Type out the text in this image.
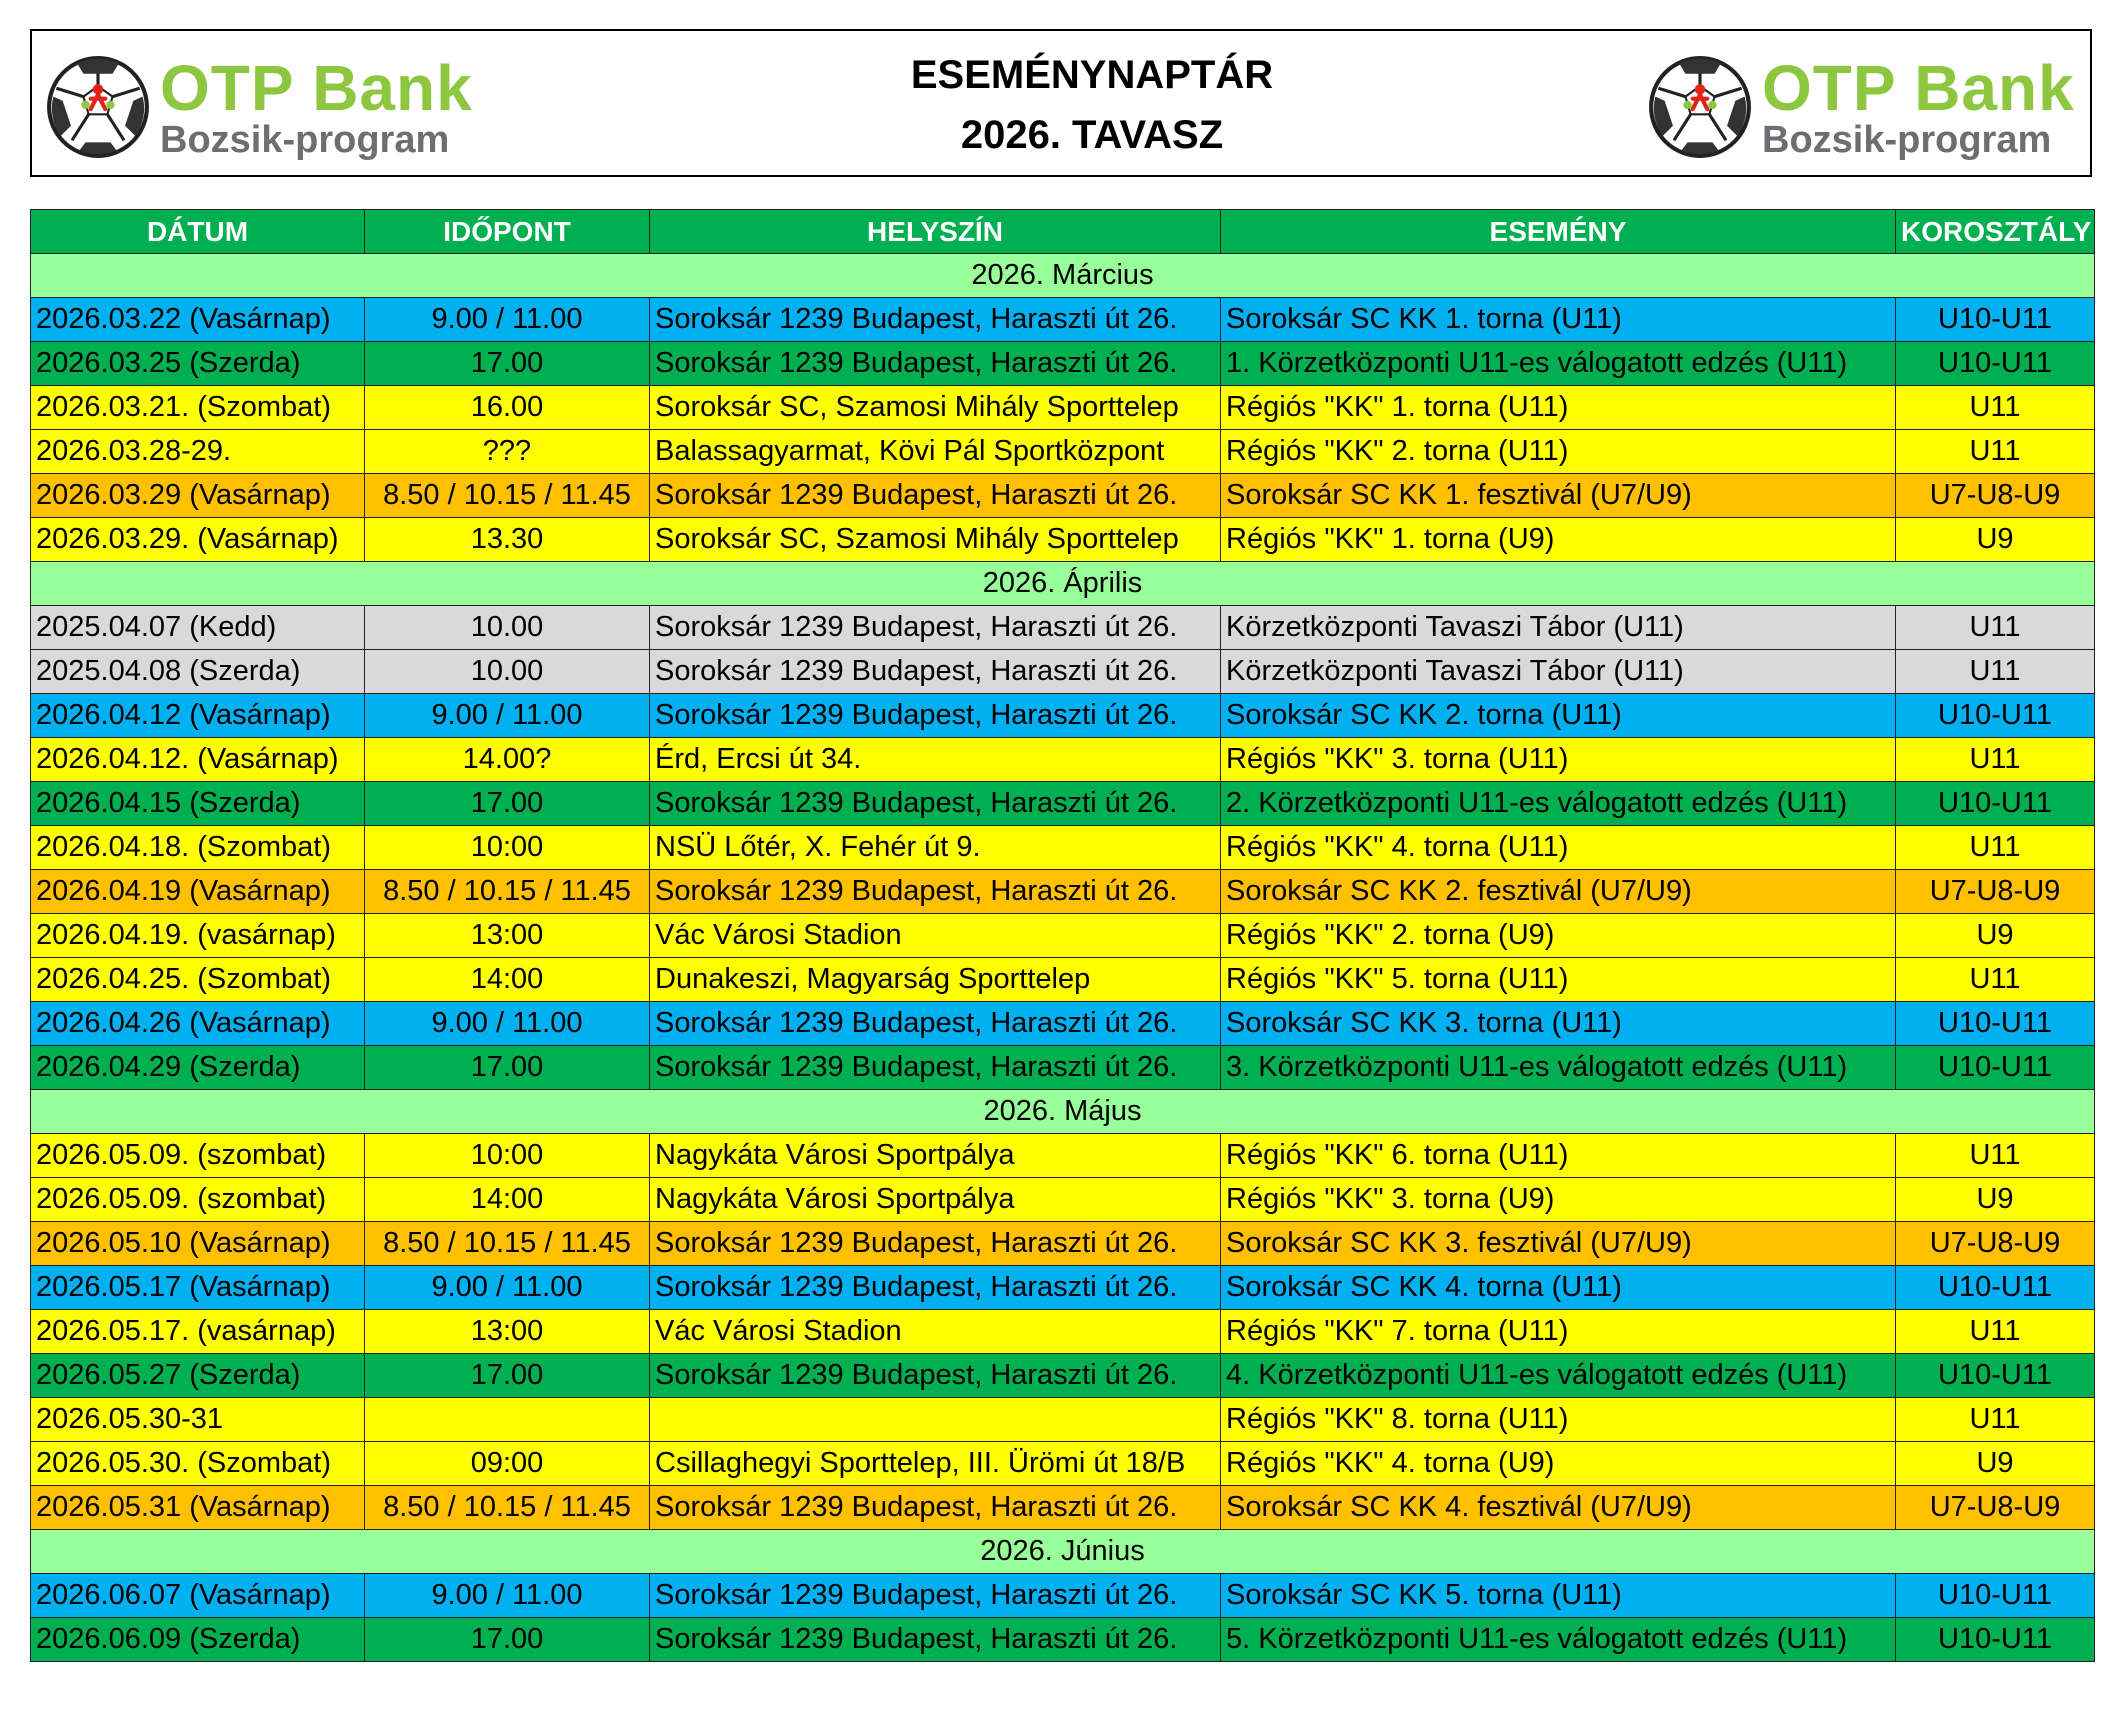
OTP Bank
Bozsik-program
ESEMÉNYNAPTÁR
2026. TAVASZ
OTP Bank
Bozsik-program
DÁTUM	IDŐPONT	HELYSZÍN	ESEMÉNY	KOROSZTÁLY
2026. Március				
2026.03.22 (Vasárnap)	9.00 / 11.00	Soroksár 1239 Budapest, Haraszti út 26.	Soroksár SC KK 1. torna (U11)	U10-U11
2026.03.25 (Szerda)	17.00	Soroksár 1239 Budapest, Haraszti út 26.	1. Körzetközponti U11-es válogatott edzés (U11)	U10-U11
2026.03.21. (Szombat)	16.00	Soroksár SC, Szamosi Mihály Sporttelep	Régiós "KK" 1. torna (U11)	U11
2026.03.28-29.	???	Balassagyarmat, Kövi Pál Sportközpont	Régiós "KK" 2. torna (U11)	U11
2026.03.29 (Vasárnap)	8.50 / 10.15 / 11.45	Soroksár 1239 Budapest, Haraszti út 26.	Soroksár SC KK 1. fesztivál (U7/U9)	U7-U8-U9
2026.03.29. (Vasárnap)	13.30	Soroksár SC, Szamosi Mihály Sporttelep	Régiós "KK" 1. torna (U9)	U9
2026. Április				
2025.04.07 (Kedd)	10.00	Soroksár 1239 Budapest, Haraszti út 26.	Körzetközponti Tavaszi Tábor (U11)	U11
2025.04.08 (Szerda)	10.00	Soroksár 1239 Budapest, Haraszti út 26.	Körzetközponti Tavaszi Tábor (U11)	U11
2026.04.12 (Vasárnap)	9.00 / 11.00	Soroksár 1239 Budapest, Haraszti út 26.	Soroksár SC KK 2. torna (U11)	U10-U11
2026.04.12. (Vasárnap)	14.00?	Érd, Ercsi út 34.	Régiós "KK" 3. torna (U11)	U11
2026.04.15 (Szerda)	17.00	Soroksár 1239 Budapest, Haraszti út 26.	2. Körzetközponti U11-es válogatott edzés (U11)	U10-U11
2026.04.18. (Szombat)	10:00	NSÜ Lőtér, X. Fehér út 9.	Régiós "KK" 4. torna (U11)	U11
2026.04.19 (Vasárnap)	8.50 / 10.15 / 11.45	Soroksár 1239 Budapest, Haraszti út 26.	Soroksár SC KK 2. fesztivál (U7/U9)	U7-U8-U9
2026.04.19. (vasárnap)	13:00	Vác Városi Stadion	Régiós "KK" 2. torna (U9)	U9
2026.04.25. (Szombat)	14:00	Dunakeszi, Magyarság Sporttelep	Régiós "KK" 5. torna (U11)	U11
2026.04.26 (Vasárnap)	9.00 / 11.00	Soroksár 1239 Budapest, Haraszti út 26.	Soroksár SC KK 3. torna (U11)	U10-U11
2026.04.29 (Szerda)	17.00	Soroksár 1239 Budapest, Haraszti út 26.	3. Körzetközponti U11-es válogatott edzés (U11)	U10-U11
2026. Május				
2026.05.09. (szombat)	10:00	Nagykáta Városi Sportpálya	Régiós "KK" 6. torna (U11)	U11
2026.05.09. (szombat)	14:00	Nagykáta Városi Sportpálya	Régiós "KK" 3. torna (U9)	U9
2026.05.10 (Vasárnap)	8.50 / 10.15 / 11.45	Soroksár 1239 Budapest, Haraszti út 26.	Soroksár SC KK 3. fesztivál (U7/U9)	U7-U8-U9
2026.05.17 (Vasárnap)	9.00 / 11.00	Soroksár 1239 Budapest, Haraszti út 26.	Soroksár SC KK 4. torna (U11)	U10-U11
2026.05.17. (vasárnap)	13:00	Vác Városi Stadion	Régiós "KK" 7. torna (U11)	U11
2026.05.27 (Szerda)	17.00	Soroksár 1239 Budapest, Haraszti út 26.	4. Körzetközponti U11-es válogatott edzés (U11)	U10-U11
2026.05.30-31			Régiós "KK" 8. torna (U11)	U11
2026.05.30. (Szombat)	09:00	Csillaghegyi Sporttelep, III. Ürömi út 18/B	Régiós "KK" 4. torna (U9)	U9
2026.05.31 (Vasárnap)	8.50 / 10.15 / 11.45	Soroksár 1239 Budapest, Haraszti út 26.	Soroksár SC KK 4. fesztivál (U7/U9)	U7-U8-U9
2026. Június				
2026.06.07 (Vasárnap)	9.00 / 11.00	Soroksár 1239 Budapest, Haraszti út 26.	Soroksár SC KK 5. torna (U11)	U10-U11
2026.06.09 (Szerda)	17.00	Soroksár 1239 Budapest, Haraszti út 26.	5. Körzetközponti U11-es válogatott edzés (U11)	U10-U11
